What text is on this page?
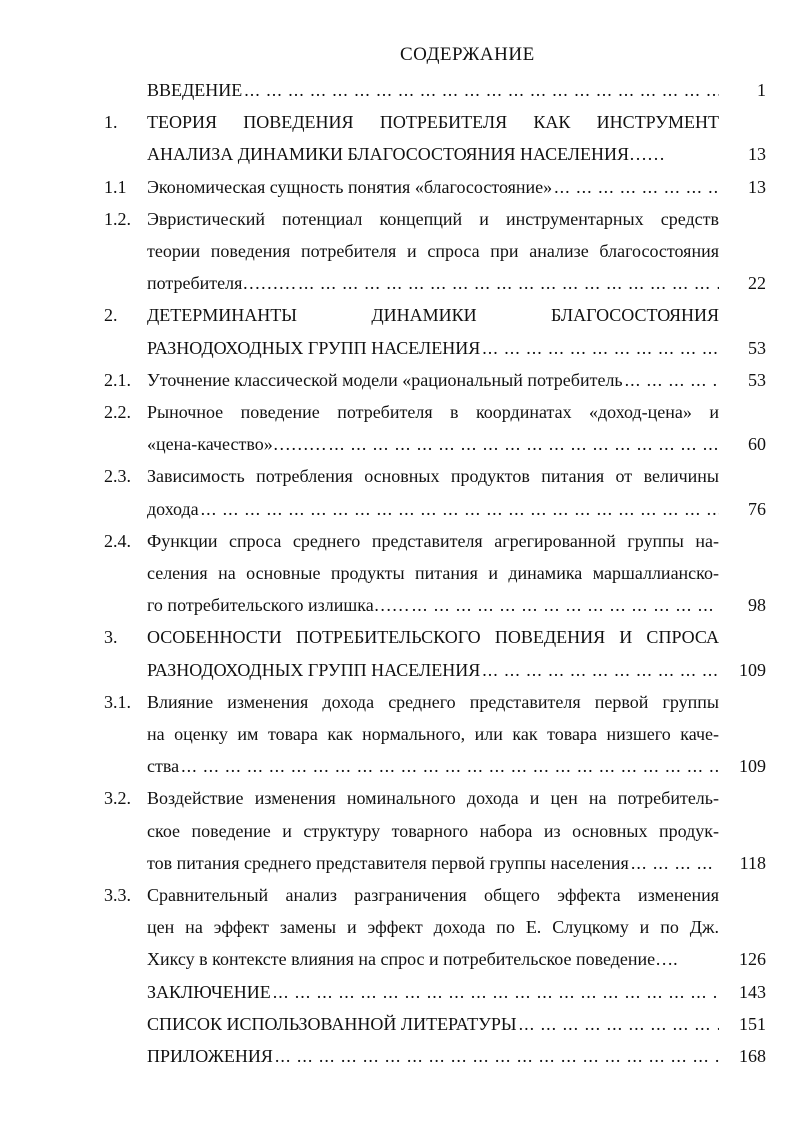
СОДЕРЖАНИЕ
ВВЕДЕНИЕ ... .	1
1. ТЕОРИЯ ПОВЕДЕНИЯ ПОТРЕБИТЕЛЯ КАК ИНСТРУМЕНТ
АНАЛИЗА ДИНАМИКИ БЛАГОСОСТОЯНИЯ НАСЕЛЕНИЯ……	13
1.1 Экономическая сущность понятия «благосостояние» ... .	13
1.2. Эвристический потенциал концепций и инструментарных средств
теории поведения потребителя и спроса при анализе благосостояния
потребителя……… ... .	22
2. ДЕТЕРМИНАНТЫ ДИНАМИКИ БЛАГОСОСТОЯНИЯ
РАЗНОДОХОДНЫХ ГРУПП НАСЕЛЕНИЯ ... .	53
2.1. Уточнение классической модели «рациональный потребитель ... .	53
2.2. Рыночное поведение потребителя в координатах «доход-цена» и
«цена-качество»……… ... .	60
2.3. Зависимость потребления основных продуктов питания от величины
дохода ... .	76
2.4. Функции спроса среднего представителя агрегированной группы на-
селения на основные продукты питания и динамика маршаллианско-
го потребительского излишка…… ... .	98
3. ОСОБЕННОСТИ ПОТРЕБИТЕЛЬСКОГО ПОВЕДЕНИЯ И СПРОСА
РАЗНОДОХОДНЫХ ГРУПП НАСЕЛЕНИЯ ... .	109
3.1. Влияние изменения дохода среднего представителя первой группы
на оценку им товара как нормального, или как товара низшего каче-
ства ... .	109
3.2. Воздействие изменения номинального дохода и цен на потребитель-
ское поведение и структуру товарного набора из основных продук-
тов питания среднего представителя первой группы населения ... .	118
3.3. Сравнительный анализ разграничения общего эффекта изменения
цен на эффект замены и эффект дохода по Е. Слуцкому и по Дж.
Хиксу в контексте влияния на спрос и потребительское поведение….	126
ЗАКЛЮЧЕНИЕ ... .	143
СПИСОК ИСПОЛЬЗОВАННОЙ ЛИТЕРАТУРЫ ... .	151
ПРИЛОЖЕНИЯ ... .	168
